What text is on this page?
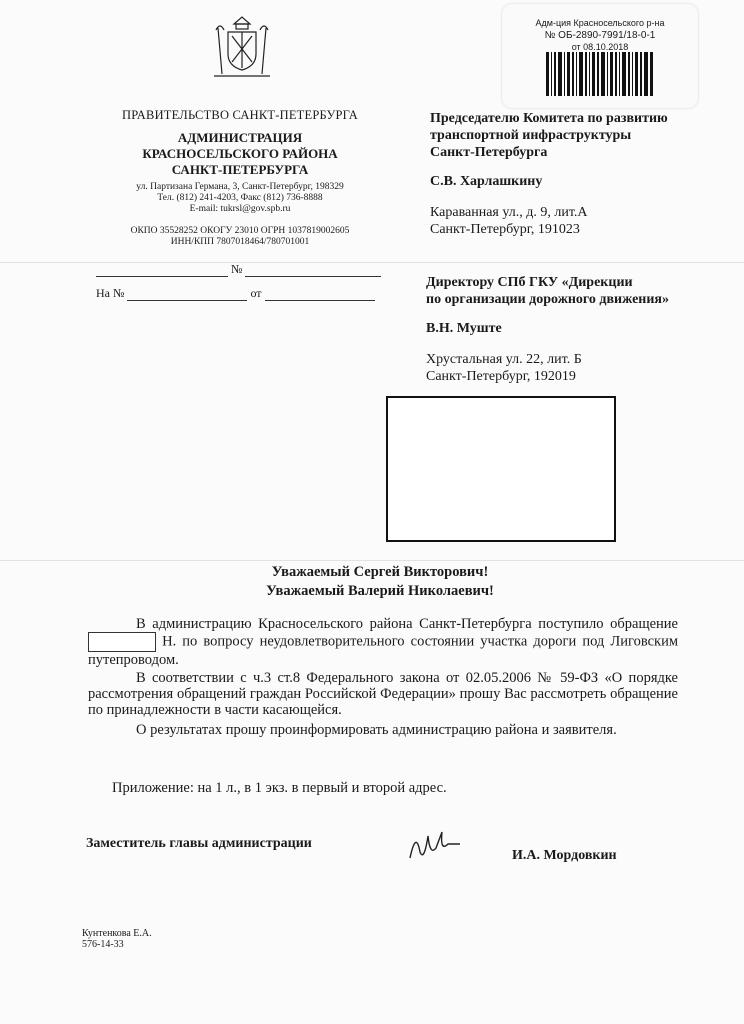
ПРАВИТЕЛЬСТВО САНКТ-ПЕТЕРБУРГА
АДМИНИСТРАЦИЯ
КРАСНОСЕЛЬСКОГО РАЙОНА
САНКТ-ПЕТЕРБУРГА
ул. Партизана Германа, 3, Санкт-Петербург, 198329
Тел. (812) 241-4203, Факс (812) 736-8888
E-mail: tukrsl@gov.spb.ru
ОКПО 35528252 ОКОГУ 23010 ОГРН 1037819002605
ИНН/КПП 7807018464/780701001
№
На №	от
Адм-ция Красносельского р-на
№ ОБ-2890-7991/18-0-1
от 08.10.2018
Председателю Комитета по развитию
транспортной инфраструктуры
Санкт-Петербурга
С.В. Харлашкину
Караванная ул., д. 9, лит.А
Санкт-Петербург, 191023
Директору СПб ГКУ «Дирекции
по организации дорожного движения»
В.Н. Муште
Хрустальная ул. 22, лит. Б
Санкт-Петербург, 192019
Уважаемый Сергей Викторович!
Уважаемый Валерий Николаевич!
В администрацию Красносельского района Санкт-Петербурга поступило обращение  Н. по вопросу неудовлетворительного состоянии участка дороги под Лиговским путепроводом.
В соответствии с ч.3 ст.8 Федерального закона от 02.05.2006 № 59-ФЗ «О порядке рассмотрения обращений граждан Российской Федерации» прошу Вас рассмотреть обращение по принадлежности в части касающейся.
О результатах прошу проинформировать администрацию района и заявителя.
Приложение: на 1 л., в 1 экз. в первый и второй адрес.
Заместитель главы администрации
И.А. Мордовкин
Кунтенкова Е.А.
576-14-33
